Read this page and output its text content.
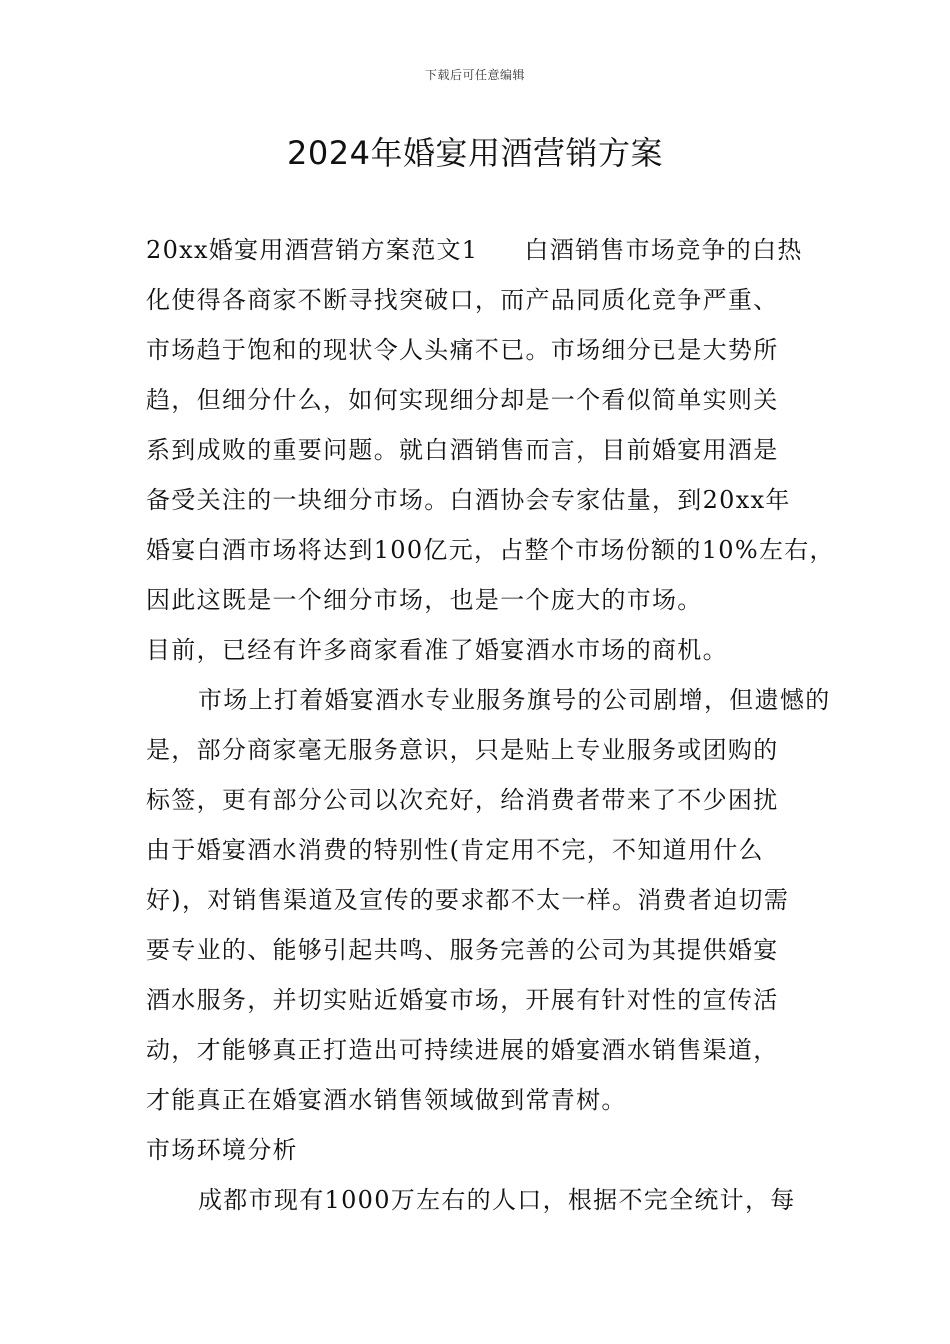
下载后可任意编辑
2024年婚宴用酒营销方案
20xx婚宴用酒营销方案范文1 白酒销售市场竞争的白热
化使得各商家不断寻找突破口，而产品同质化竞争严重、
市场趋于饱和的现状令人头痛不已。市场细分已是大势所
趋，但细分什么，如何实现细分却是一个看似简单实则关
系到成败的重要问题。就白酒销售而言，目前婚宴用酒是
备受关注的一块细分市场。白酒协会专家估量，到20xx年
婚宴白酒市场将达到100亿元，占整个市场份额的10%左右，
因此这既是一个细分市场，也是一个庞大的市场。
目前，已经有许多商家看准了婚宴酒水市场的商机。
市场上打着婚宴酒水专业服务旗号的公司剧增，但遗憾的
是，部分商家毫无服务意识，只是贴上专业服务或团购的
标签，更有部分公司以次充好，给消费者带来了不少困扰
由于婚宴酒水消费的特别性(肯定用不完，不知道用什么
好)，对销售渠道及宣传的要求都不太一样。消费者迫切需
要专业的、能够引起共鸣、服务完善的公司为其提供婚宴
酒水服务，并切实贴近婚宴市场，开展有针对性的宣传活
动，才能够真正打造出可持续进展的婚宴酒水销售渠道，
才能真正在婚宴酒水销售领域做到常青树。
市场环境分析
成都市现有1000万左右的人口，根据不完全统计，每
